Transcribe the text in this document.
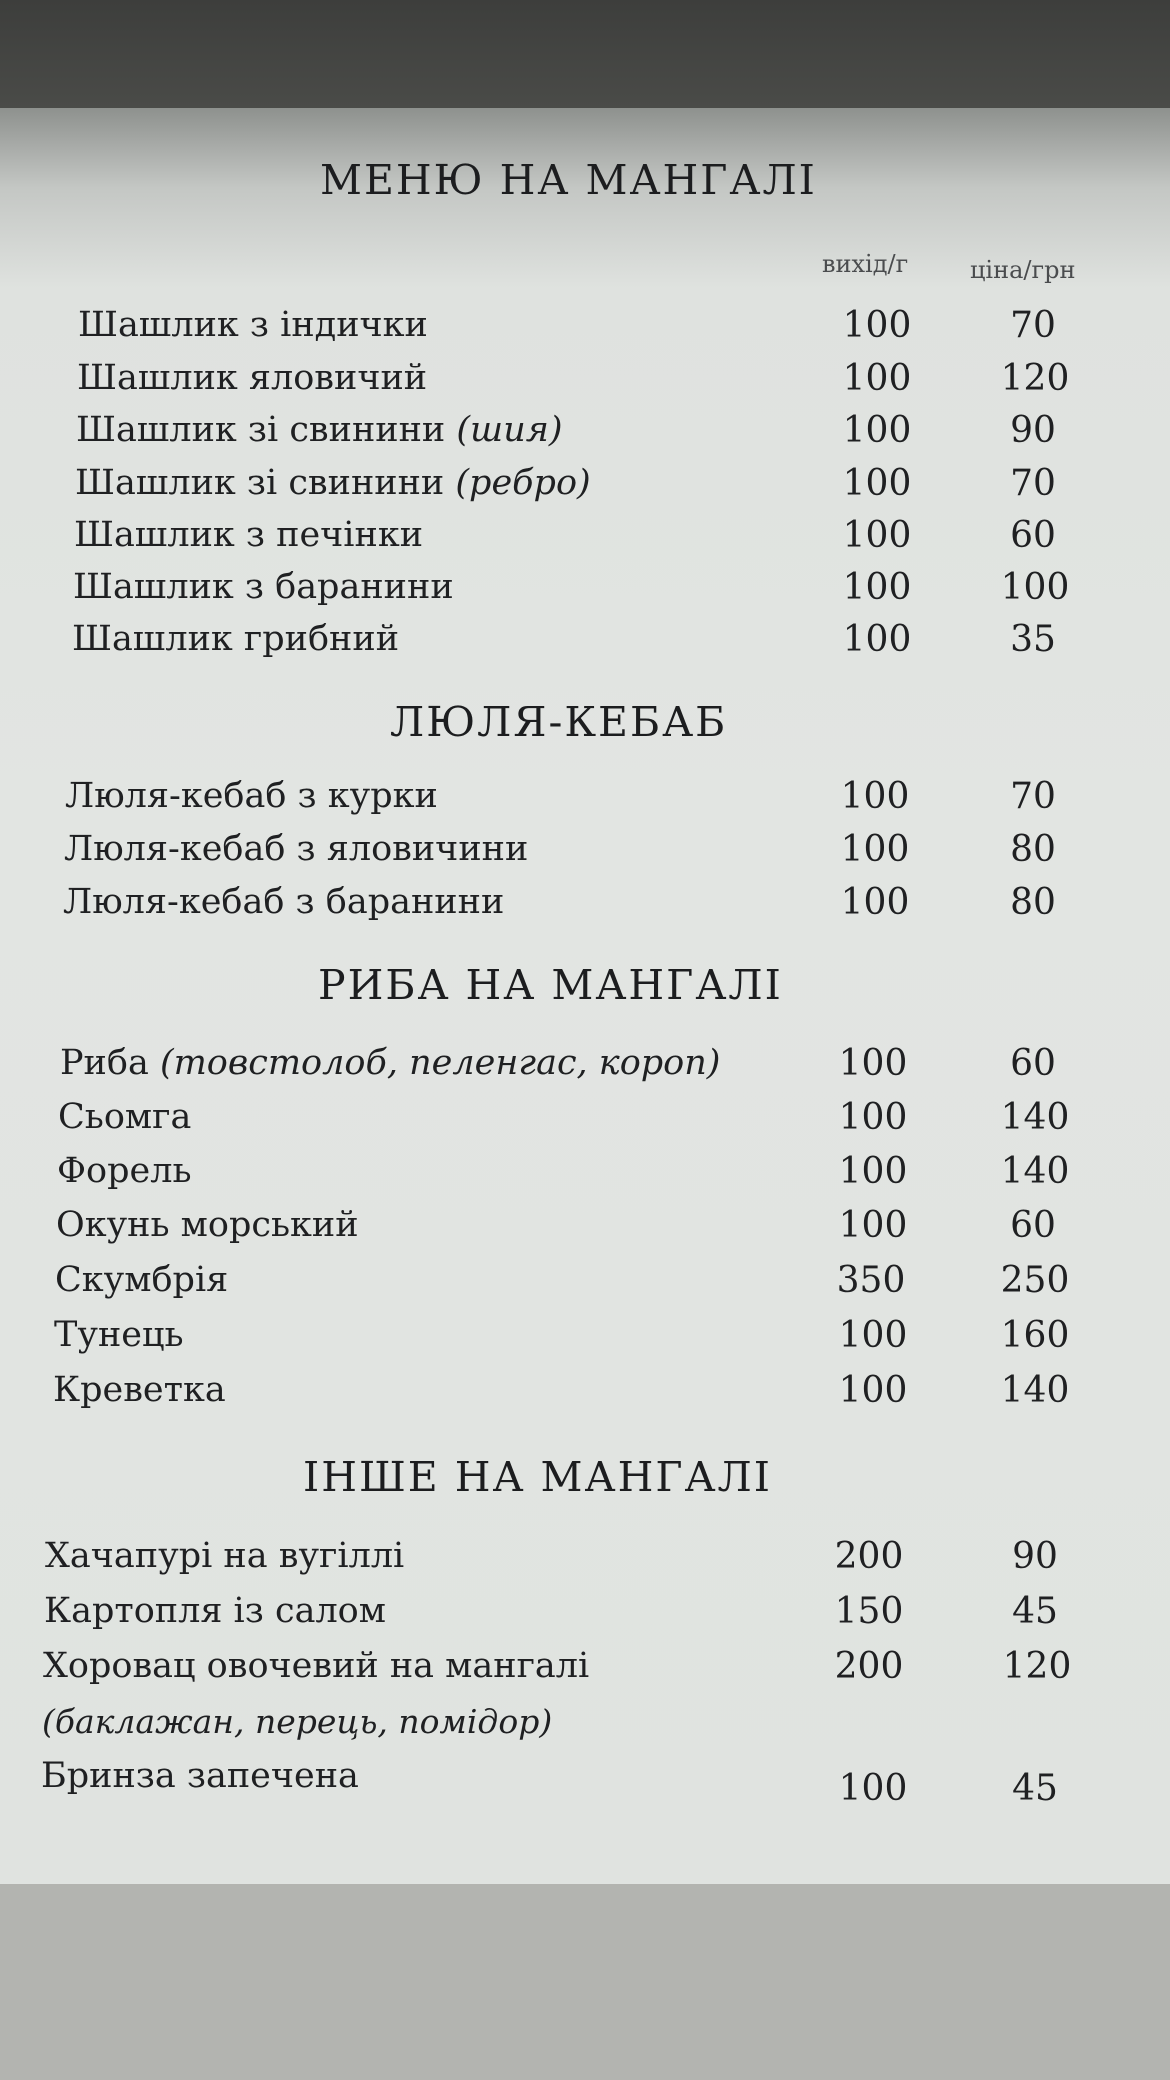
МЕНЮ НА МАНГАЛІ
вихід/г	ціна/грн
Шашлик з індички	100	70
Шашлик яловичий	100	120
Шашлик зі свинини (шия)	100	90
Шашлик зі свинини (ребро)	100	70
Шашлик з печінки	100	60
Шашлик з баранини	100	100
Шашлик грибний	100	35
ЛЮЛЯ-КЕБАБ
Люля-кебаб з курки	100	70
Люля-кебаб з яловичини	100	80
Люля-кебаб з баранини	100	80
РИБА НА МАНГАЛІ
Риба (товстолоб, пеленгас, короп)	100	60
Сьомга	100	140
Форель	100	140
Окунь морський	100	60
Скумбрія	350	250
Тунець	100	160
Креветка	100	140
ІНШЕ НА МАНГАЛІ
Хачапурі на вугіллі	200	90
Картопля із салом	150	45
Хоровац овочевий на мангалі	200	120
(баклажан, перець, помідор)
Бринза запечена	100	45
